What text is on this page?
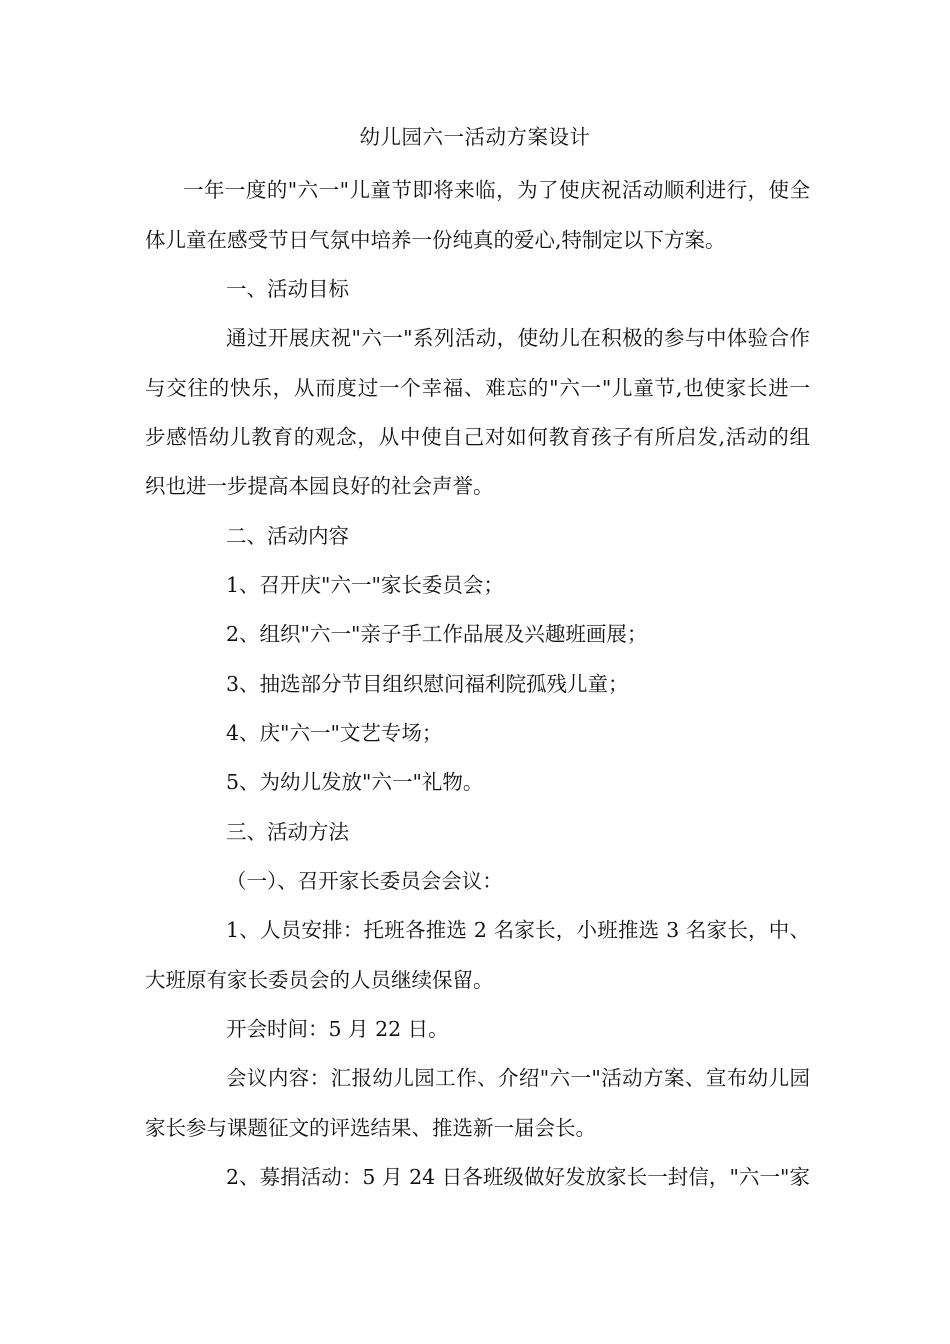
幼儿园六一活动方案设计
一年一度的"六一"儿童节即将来临，为了使庆祝活动顺利进行，使全
体儿童在感受节日气氛中培养一份纯真的爱心,特制定以下方案。
一、活动目标
通过开展庆祝"六一"系列活动，使幼儿在积极的参与中体验合作
与交往的快乐，从而度过一个幸福、难忘的"六一"儿童节,也使家长进一
步感悟幼儿教育的观念，从中使自己对如何教育孩子有所启发,活动的组
织也进一步提高本园良好的社会声誉。
二、活动内容
1、召开庆"六一"家长委员会；
2、组织"六一"亲子手工作品展及兴趣班画展；
3、抽选部分节目组织慰问福利院孤残儿童；
4、庆"六一"文艺专场；
5、为幼儿发放"六一"礼物。
三、活动方法
（一）、召开家长委员会会议：
1、人员安排：托班各推选 2 名家长，小班推选 3 名家长，中、
大班原有家长委员会的人员继续保留。
开会时间：5 月 22 日。
会议内容：汇报幼儿园工作、介绍"六一"活动方案、宣布幼儿园
家长参与课题征文的评选结果、推选新一届会长。
2、募捐活动：5 月 24 日各班级做好发放家长一封信，"六一"家
